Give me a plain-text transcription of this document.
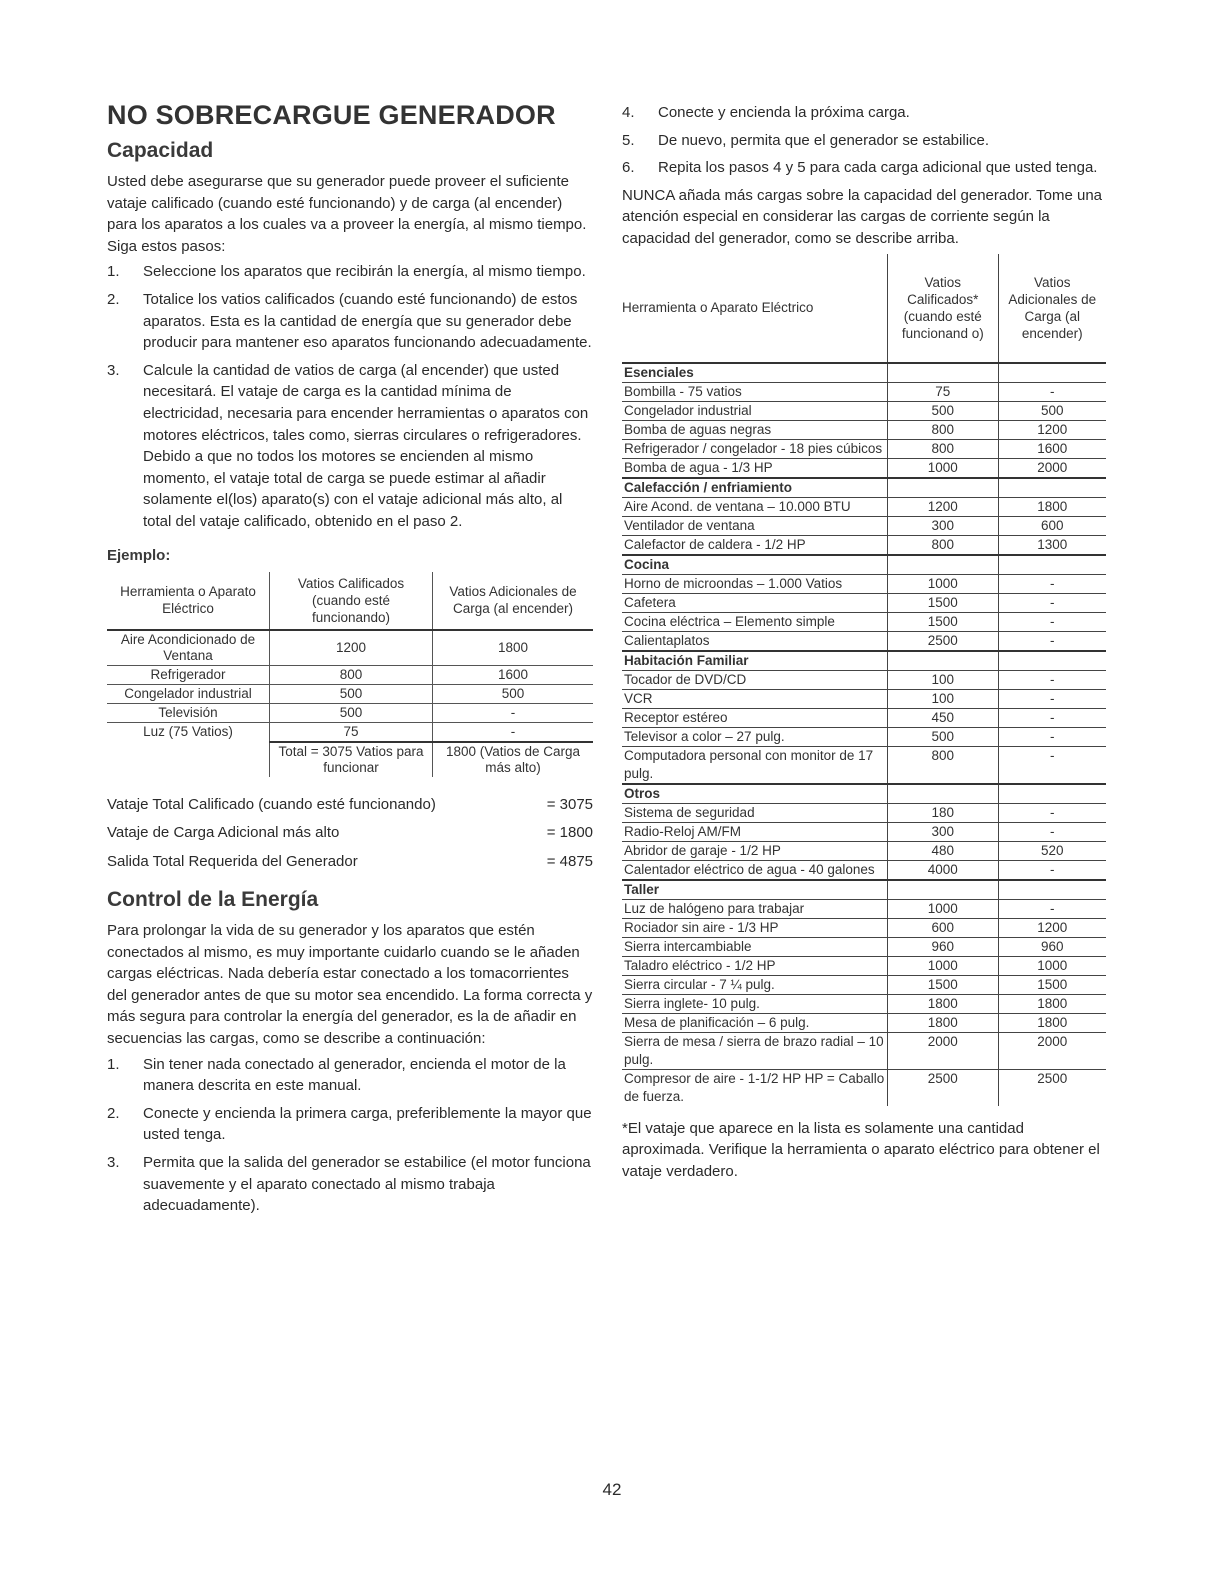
NO SOBRECARGUE GENERADOR
Capacidad

Usted debe asegurarse que su generador puede proveer el suficiente vataje calificado (cuando esté funcionando) y de carga (al encender) para los aparatos a los cuales va a proveer la energía, al mismo tiempo. Siga estos pasos:

1. Seleccione los aparatos que recibirán la energía, al mismo tiempo.
2. Totalice los vatios calificados (cuando esté funcionando) de estos aparatos. Esta es la cantidad de energía que su generador debe producir para mantener eso aparatos funcionando adecuadamente.
3. Calcule la cantidad de vatios de carga (al encender) que usted necesitará. El vataje de carga es la cantidad mínima de electricidad, necesaria para encender herramientas o aparatos con motores eléctricos, tales como, sierras circulares o refrigeradores. Debido a que no todos los motores se encienden al mismo momento, el vataje total de carga se puede estimar al añadir solamente el(los) aparato(s) con el vataje adicional más alto, al total del vataje calificado, obtenido en el paso 2.
Ejemplo:
Herramienta o Aparato Eléctrico	Vatios Calificados (cuando esté funcionando)	Vatios Adicionales de Carga (al encender)
Aire Acondicionado de Ventana	1200	1800
Refrigerador	800	1600
Congelador industrial	500	500
Televisión	500	-
Luz (75 Vatios)	75	-
	Total = 3075 Vatios para funcionar	1800 (Vatios de Carga más alto)
Vataje Total Calificado (cuando esté funcionando)	= 3075
Vataje de Carga Adicional más alto	= 1800
Salida Total Requerida del Generador	= 4875
Control de la Energía

Para prolongar la vida de su generador y los aparatos que estén conectados al mismo, es muy importante cuidarlo cuando se le añaden cargas eléctricas. Nada debería estar conectado a los tomacorrientes del generador antes de que su motor sea encendido. La forma correcta y más segura para controlar la energía del generador, es la de añadir en secuencias las cargas, como se describe a continuación:

1. Sin tener nada conectado al generador, encienda el motor de la manera descrita en este manual.
2. Conecte y encienda la primera carga, preferiblemente la mayor que usted tenga.
3. Permita que la salida del generador se estabilice (el motor funciona suavemente y el aparato conectado al mismo trabaja adecuadamente).
4. Conecte y encienda la próxima carga.
5. De nuevo, permita que el generador se estabilice.
6. Repita los pasos 4 y 5 para cada carga adicional que usted tenga.

NUNCA añada más cargas sobre la capacidad del generador. Tome una atención especial en considerar las cargas de corriente según la capacidad del generador, como se describe arriba.

Herramienta o Aparato Eléctrico	Vatios Calificados* (cuando esté funcionand o)	Vatios Adicionales de Carga (al encender)
Esenciales		
Bombilla - 75 vatios	75	-
Congelador industrial	500	500
Bomba de aguas negras	800	1200
Refrigerador / congelador - 18 pies cúbicos	800	1600
Bomba de agua - 1/3 HP	1000	2000
Calefacción / enfriamiento		
Aire Acond. de ventana – 10.000 BTU	1200	1800
Ventilador de ventana	300	600
Calefactor de caldera - 1/2 HP	800	1300
Cocina		
Horno de microondas – 1.000 Vatios	1000	-
Cafetera	1500	-
Cocina eléctrica – Elemento simple	1500	-
Calientaplatos	2500	-
Habitación Familiar		
Tocador de DVD/CD	100	-
VCR	100	-
Receptor estéreo	450	-
Televisor a color – 27 pulg.	500	-
Computadora personal con monitor de 17 pulg.	800	-
Otros		
Sistema de seguridad	180	-
Radio-Reloj AM/FM	300	-
Abridor de garaje - 1/2 HP	480	520
Calentador eléctrico de agua - 40 galones	4000	-
Taller		
Luz de halógeno para trabajar	1000	-
Rociador sin aire - 1/3 HP	600	1200
Sierra intercambiable	960	960
Taladro eléctrico - 1/2 HP	1000	1000
Sierra circular - 7 ¼ pulg.	1500	1500
Sierra inglete- 10 pulg.	1800	1800
Mesa de planificación – 6 pulg.	1800	1800
Sierra de mesa / sierra de brazo radial – 10 pulg.	2000	2000
Compresor de aire - 1-1/2 HP HP = Caballo de fuerza.	2500	2500

*El vataje que aparece en la lista es solamente una cantidad aproximada. Verifique la herramienta o aparato eléctrico para obtener el vataje verdadero.

42
